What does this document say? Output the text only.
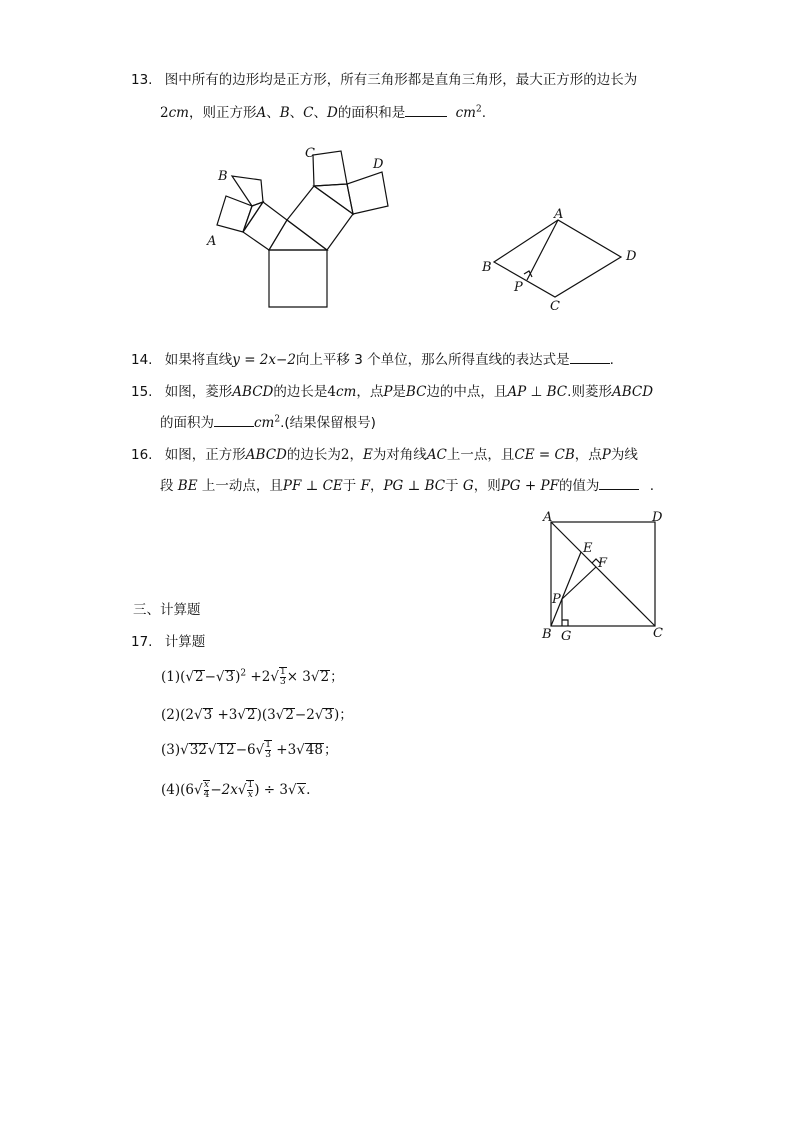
13. 图中所有的边形均是正方形，所有三角形都是直角三角形，最大正方形的边长为
2cm，则正方形A、B、C、D的面积和是	$cm^2$.
A
B
C
D
A
B
C
D
P
14. 如果将直线y = 2x−2向上平移 3 个单位，那么所得直线的表达式是	.
15. 如图，菱形ABCD的边长是4cm，点P是BC边的中点，且AP ⊥ BC.则菱形ABCD
的面积为	$cm^2$.(结果保留根号)
16. 如图，正方形ABCD的边长为2，E为对角线AC上一点，且CE = CB，点P为线
段 BE 上一动点，且PF ⊥ CE于 F，PG ⊥ BC于 G，则PG + PF的值为	.
A
B	C
D
E
F
P
G
三、计算题
17. 计算题
$(1)(√2-√3)^2 +2√ \frac{1}{3} \times 3√2$；
(2)(2√3 +3√2)(3√2−2√3)；
$(3)√32√12-6√ \frac{1}{3} +3√48$；
$(4)(6√ \frac{x}{4} -2x√ \frac{1}{x}$ ) ÷ 3√x.
